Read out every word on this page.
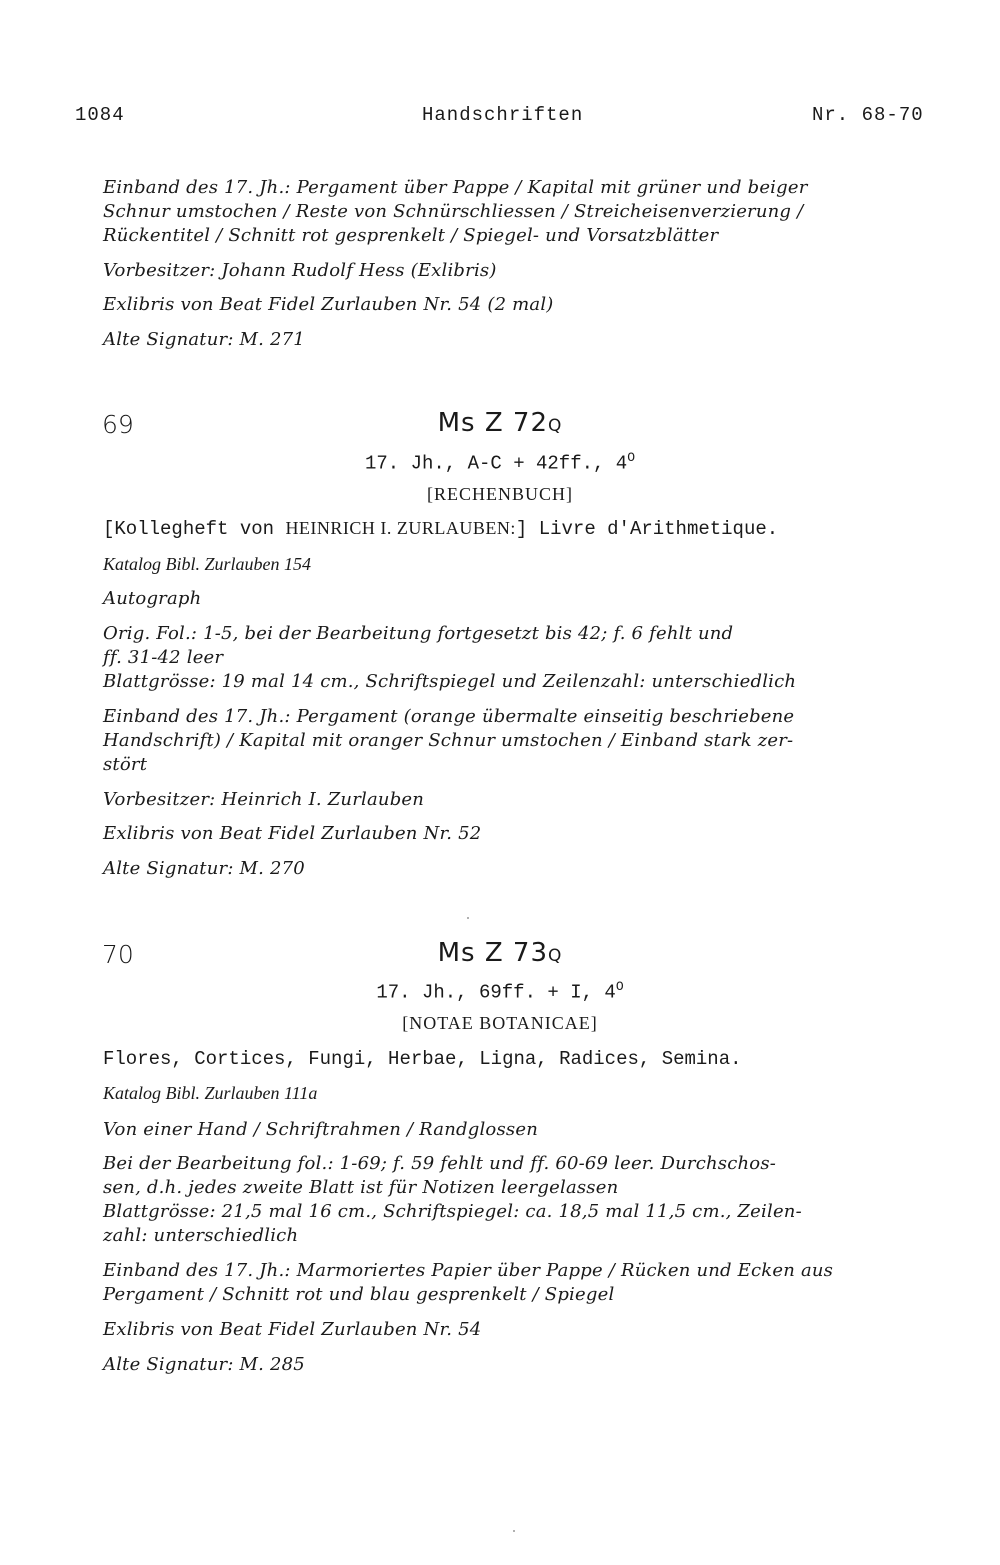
1084	Handschriften	Nr. 68-70
Einband des 17. Jh.: Pergament über Pappe / Kapital mit grüner und beiger
Schnur umstochen / Reste von Schnürschliessen / Streicheisenverzierung /
Rückentitel / Schnitt rot gesprenkelt / Spiegel- und Vorsatzblätter
Vorbesitzer: Johann Rudolf Hess (Exlibris)
Exlibris von Beat Fidel Zurlauben Nr. 54 (2 mal)
Alte Signatur: M. 271
69	Ms Z 72Q
17. Jh., A-C + 42ff., $4^O$
[RECHENBUCH]
[Kollegheft von HEINRICH I. ZURLAUBEN:] Livre d'Arithmetique.
Katalog Bibl. Zurlauben 154
Autograph
Orig. Fol.: 1-5, bei der Bearbeitung fortgesetzt bis 42; f. 6 fehlt und
ff. 31-42 leer
Blattgrösse: 19 mal 14 cm., Schriftspiegel und Zeilenzahl: unterschiedlich
Einband des 17. Jh.: Pergament (orange übermalte einseitig beschriebene
Handschrift) / Kapital mit oranger Schnur umstochen / Einband stark zer-
stört
Vorbesitzer: Heinrich I. Zurlauben
Exlibris von Beat Fidel Zurlauben Nr. 52
Alte Signatur: M. 270
70	Ms Z 73Q
17. Jh., 69ff. + I, $4^O$
[NOTAE BOTANICAE]
Flores, Cortices, Fungi, Herbae, Ligna, Radices, Semina.
Katalog Bibl. Zurlauben 111a
Von einer Hand / Schriftrahmen / Randglossen
Bei der Bearbeitung fol.: 1-69; f. 59 fehlt und ff. 60-69 leer. Durchschos-
sen, d.h. jedes zweite Blatt ist für Notizen leergelassen
Blattgrösse: 21,5 mal 16 cm., Schriftspiegel: ca. 18,5 mal 11,5 cm., Zeilen-
zahl: unterschiedlich
Einband des 17. Jh.: Marmoriertes Papier über Pappe / Rücken und Ecken aus
Pergament / Schnitt rot und blau gesprenkelt / Spiegel
Exlibris von Beat Fidel Zurlauben Nr. 54
Alte Signatur: M. 285
